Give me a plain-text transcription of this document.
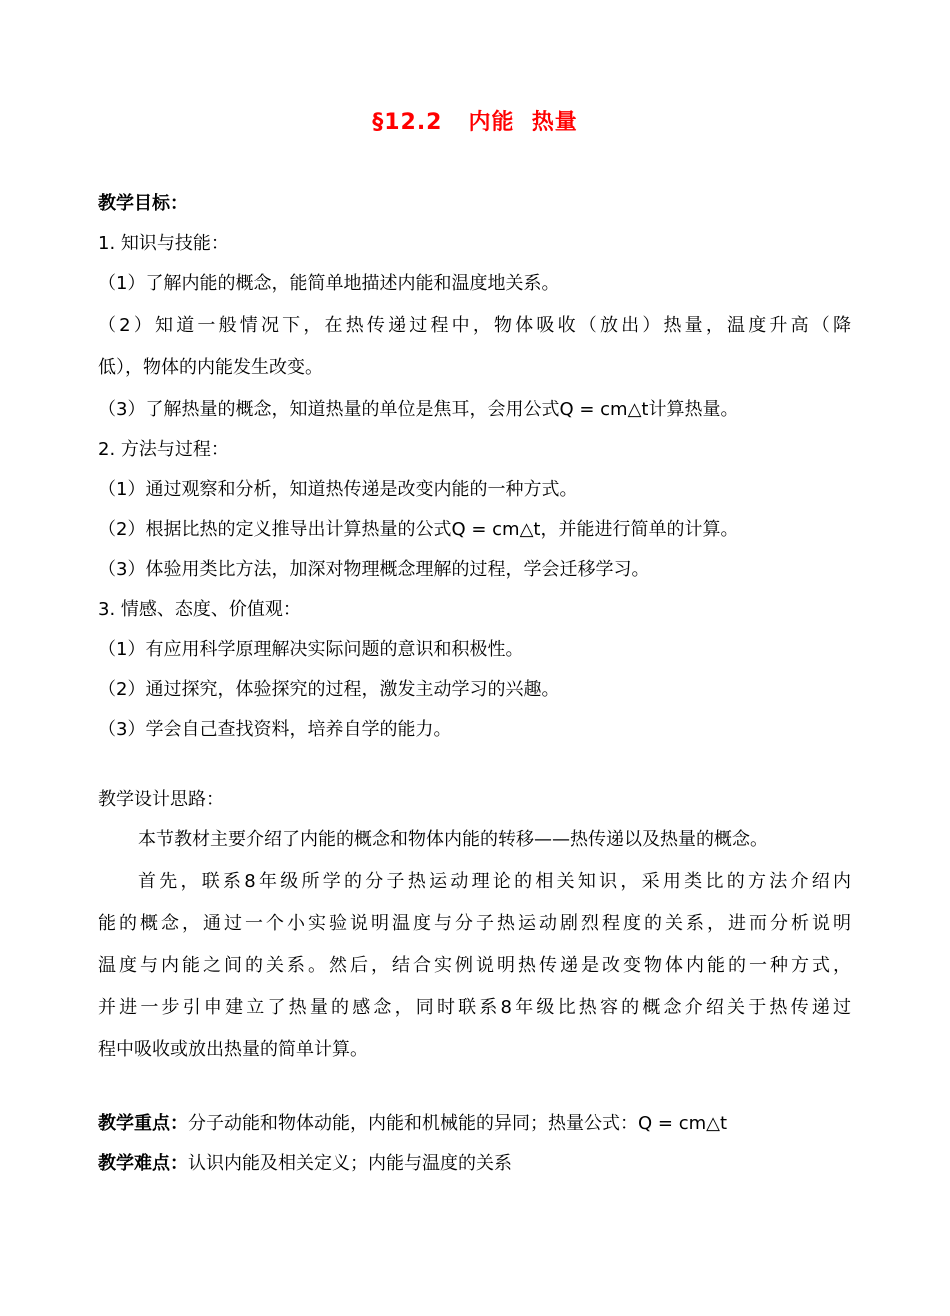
§12.2   内能  热量
教学目标：
1. 知识与技能：
（1）了解内能的概念，能简单地描述内能和温度地关系。
（2）知道一般情况下，在热传递过程中，物体吸收（放出）热量，温度升高（降
低），物体的内能发生改变。
（3）了解热量的概念，知道热量的单位是焦耳，会用公式Q = cm△t计算热量。
2. 方法与过程：
（1）通过观察和分析，知道热传递是改变内能的一种方式。
（2）根据比热的定义推导出计算热量的公式Q = cm△t，并能进行简单的计算。
（3）体验用类比方法，加深对物理概念理解的过程，学会迁移学习。
3. 情感、态度、价值观：
（1）有应用科学原理解决实际问题的意识和积极性。
（2）通过探究，体验探究的过程，激发主动学习的兴趣。
（3）学会自己查找资料，培养自学的能力。
教学设计思路：
本节教材主要介绍了内能的概念和物体内能的转移——热传递以及热量的概念。
首先，联系8年级所学的分子热运动理论的相关知识，采用类比的方法介绍内
能的概念，通过一个小实验说明温度与分子热运动剧烈程度的关系，进而分析说明
温度与内能之间的关系。然后，结合实例说明热传递是改变物体内能的一种方式，
并进一步引申建立了热量的感念，同时联系8年级比热容的概念介绍关于热传递过
程中吸收或放出热量的简单计算。
教学重点：分子动能和物体动能，内能和机械能的异同；热量公式：Q = cm△t
教学难点：认识内能及相关定义；内能与温度的关系
